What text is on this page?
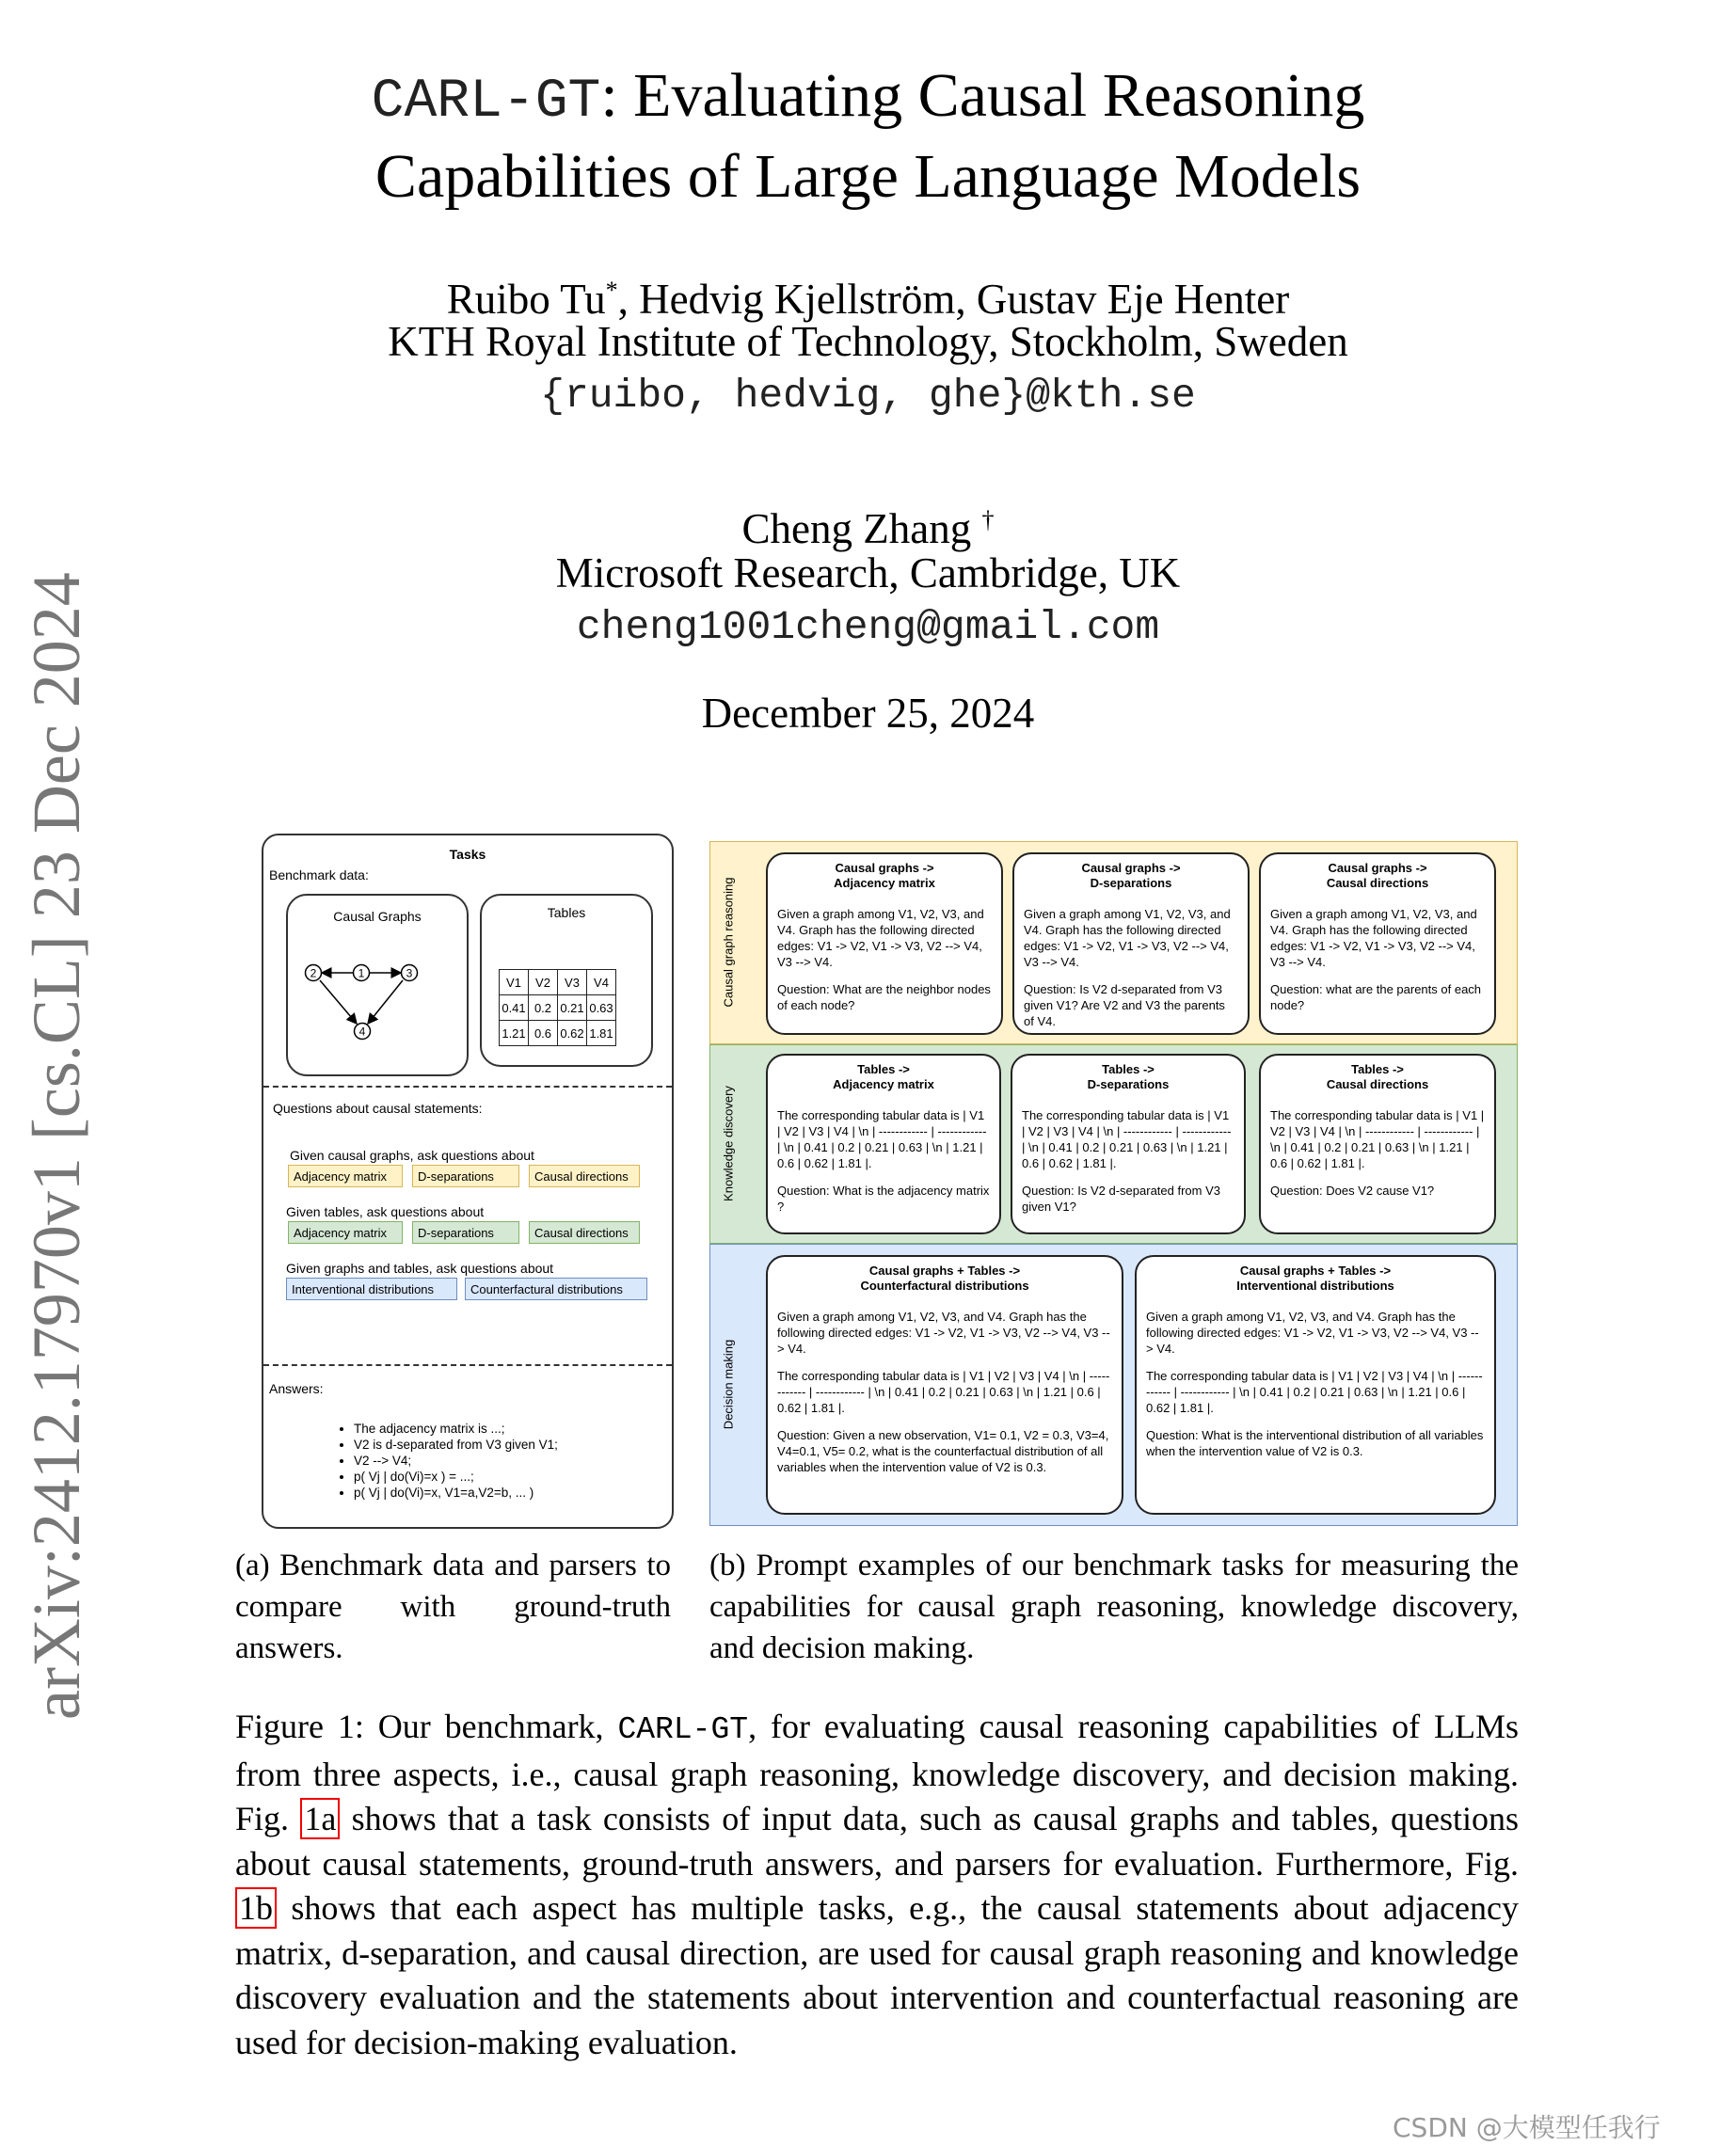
arXiv:2412.17970v1 [cs.CL] 23 Dec 2024
CARL-GT: Evaluating Causal Reasoning
Capabilities of Large Language Models
Ruibo Tu*, Hedvig Kjellström, Gustav Eje Henter
KTH Royal Institute of Technology, Stockholm, Sweden
{ruibo, hedvig, ghe}@kth.se
Cheng Zhang †
Microsoft Research, Cambridge, UK
cheng1001cheng@gmail.com
December 25, 2024
Tasks
Benchmark data:
Causal Graphs
1
2	3
4
Tables
V1	V2	V3	V4
0.41	0.2	0.21	0.63
1.21	0.6	0.62	1.81
Questions about causal statements:
Given causal graphs, ask questions about
Adjacency matrix	D-separations	Causal directions
Given tables, ask questions about
Adjacency matrix	D-separations	Causal directions
Given graphs and tables, ask questions about
Interventional distributions	Counterfactural distributions
Answers:
• The adjacency matrix is ...;
• V2 is d-separated from V3 given V1;
• V2 --> V4;
• p( Vj | do(Vi)=x ) = ...;
• p( Vj | do(Vi)=x, V1=a,V2=b, ... )
Causal graph reasoning
Knowledge discovery
Decision making
Causal graphs ->
Adjacency matrix

Given a graph among V1, V2, V3, and V4. Graph has the following directed edges: V1 -> V2, V1 -> V3, V2 --> V4, V3 --> V4.

Question: What are the neighbor nodes of each node?

Causal graphs ->
D-separations

Given a graph among V1, V2, V3, and V4. Graph has the following directed edges: V1 -> V2, V1 -> V3, V2 --> V4, V3 --> V4.

Question: Is V2 d-separated from V3 given V1? Are V2 and V3 the parents of V4.

Causal graphs ->
Causal directions

Given a graph among V1, V2, V3, and V4. Graph has the following directed edges: V1 -> V2, V1 -> V3, V2 --> V4, V3 --> V4.

Question: what are the parents of each node?

Tables ->
Adjacency matrix

The corresponding tabular data is | V1 | V2 | V3 | V4 | \n | ------------ | ------------ | \n | 0.41 | 0.2 | 0.21 | 0.63 | \n | 1.21 | 0.6 | 0.62 | 1.81 |.

Question: What is the adjacency matrix ?

Tables ->
D-separations

The corresponding tabular data is | V1 | V2 | V3 | V4 | \n | ------------ | ------------ | \n | 0.41 | 0.2 | 0.21 | 0.63 | \n | 1.21 | 0.6 | 0.62 | 1.81 |.

Question: Is V2 d-separated from V3 given V1?

Tables ->
Causal directions

The corresponding tabular data is | V1 | V2 | V3 | V4 | \n | ------------ | ------------ | \n | 0.41 | 0.2 | 0.21 | 0.63 | \n | 1.21 | 0.6 | 0.62 | 1.81 |.

Question: Does V2 cause V1?

Causal graphs + Tables ->
Counterfactural distributions

Given a graph among V1, V2, V3, and V4. Graph has the following directed edges: V1 -> V2, V1 -> V3, V2 --> V4, V3 --> V4.

The corresponding tabular data is | V1 | V2 | V3 | V4 | \n | ------------ | ------------ | \n | 0.41 | 0.2 | 0.21 | 0.63 | \n | 1.21 | 0.6 | 0.62 | 1.81 |.

Question: Given a new observation, V1= 0.1, V2 = 0.3, V3=4, V4=0.1, V5= 0.2, what is the counterfactual distribution of all variables when the intervention value of V2 is 0.3.

Causal graphs + Tables ->
Interventional distributions

Given a graph among V1, V2, V3, and V4. Graph has the following directed edges: V1 -> V2, V1 -> V3, V2 --> V4, V3 --> V4.

The corresponding tabular data is | V1 | V2 | V3 | V4 | \n | ------------ | ------------ | \n | 0.41 | 0.2 | 0.21 | 0.63 | \n | 1.21 | 0.6 | 0.62 | 1.81 |.

Question: What is the interventional distribution of all variables when the intervention value of V2 is 0.3.

(a) Benchmark data and parsers to compare with ground-truth answers.
(b) Prompt examples of our benchmark tasks for measuring the capabilities for causal graph reasoning, knowledge discovery, and decision making.
Figure 1: Our benchmark, CARL-GT, for evaluating causal reasoning capabilities of LLMs from three aspects, i.e., causal graph reasoning, knowledge discovery, and decision making. Fig. 1a shows that a task consists of input data, such as causal graphs and tables, questions about causal statements, ground-truth answers, and parsers for evaluation. Furthermore, Fig. 1b shows that each aspect has multiple tasks, e.g., the causal statements about adjacency matrix, d-separation, and causal direction, are used for causal graph reasoning and knowledge discovery evaluation and the statements about intervention and counterfactual reasoning are used for decision-making evaluation.
CSDN @大模型任我行
